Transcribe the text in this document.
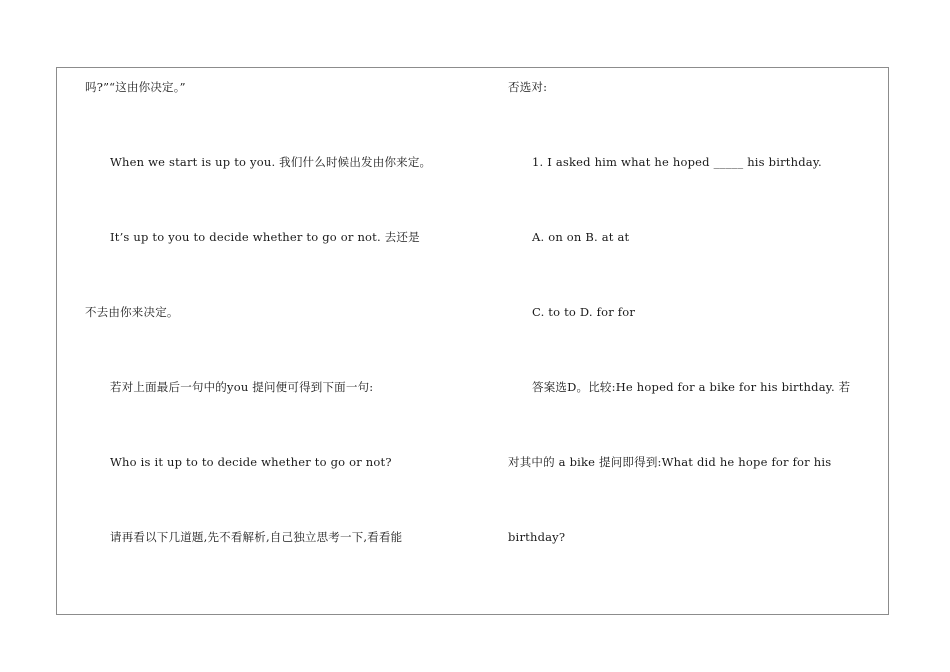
吗?”“这由你决定。”
When we start is up to you. 我们什么时候出发由你来定。
It’s up to you to decide whether to go or not. 去还是
不去由你来决定。
若对上面最后一句中的you 提问便可得到下面一句:
Who is it up to to decide whether to go or not?
请再看以下几道题,先不看解析,自己独立思考一下,看看能
否选对:
1. I asked him what he hoped _____ his birthday.
A. on on B. at at
C. to to D. for for
答案选D。比较:He hoped for a bike for his birthday. 若
对其中的 a bike 提问即得到:What did he hope for for his
birthday?
